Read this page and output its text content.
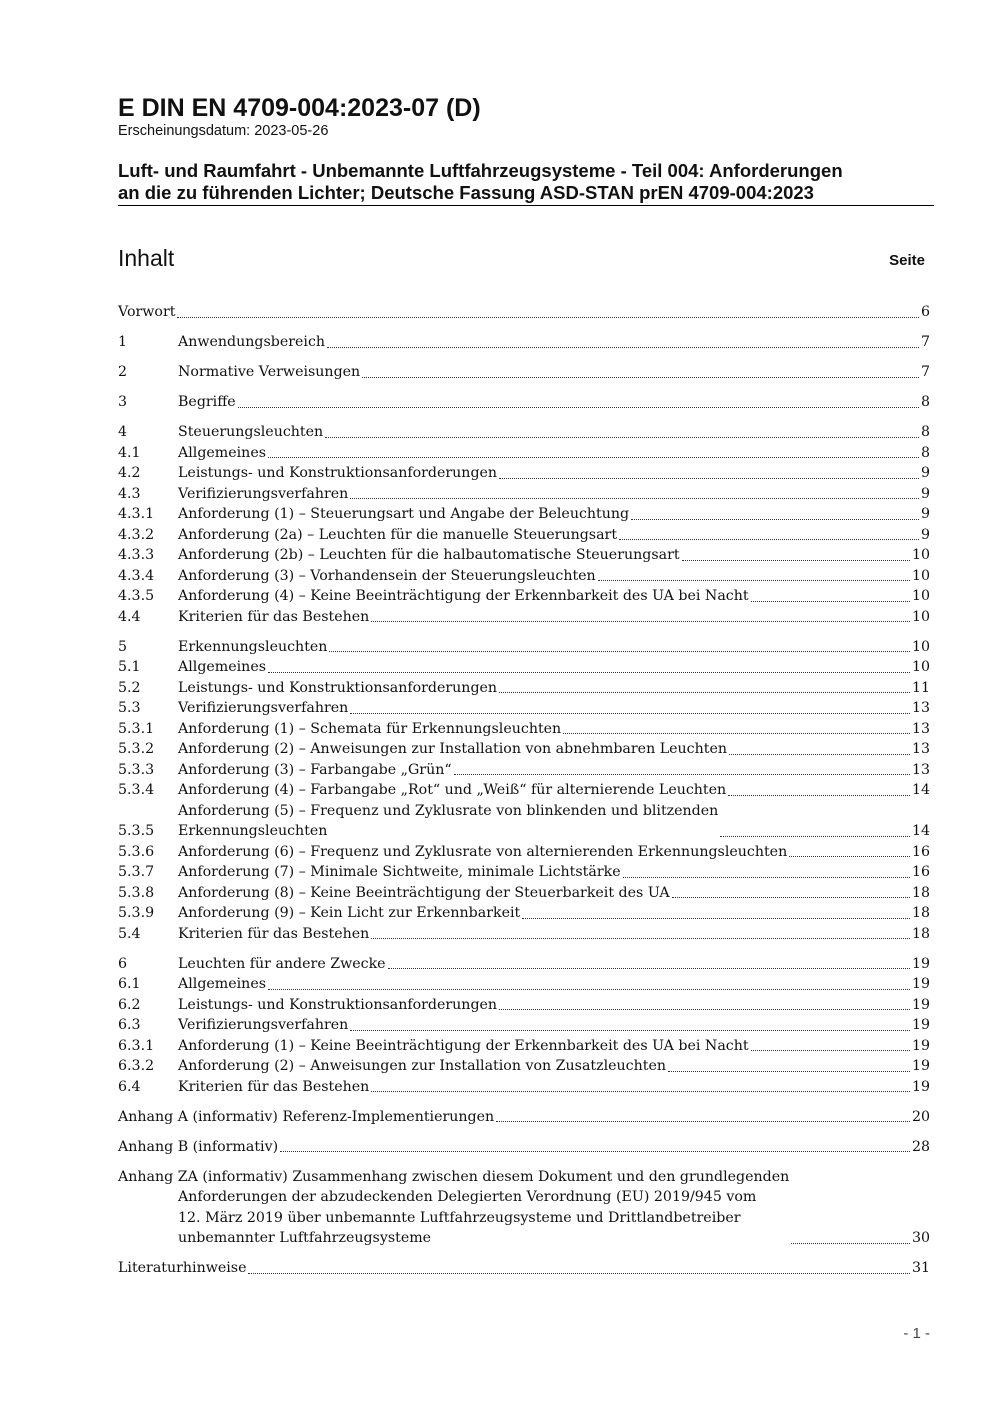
E DIN EN 4709-004:2023-07 (D)
Erscheinungsdatum: 2023-05-26
Luft- und Raumfahrt - Unbemannte Luftfahrzeugsysteme - Teil 004: Anforderungen
an die zu führenden Lichter; Deutsche Fassung ASD-STAN prEN 4709-004:2023
Inhalt	Seite
Vorwort	6
1	Anwendungsbereich	7
2	Normative Verweisungen	7
3	Begriffe	8
4	Steuerungsleuchten	8
4.1	Allgemeines	8
4.2	Leistungs- und Konstruktionsanforderungen	9
4.3	Verifizierungsverfahren	9
4.3.1	Anforderung (1) – Steuerungsart und Angabe der Beleuchtung	9
4.3.2	Anforderung (2a) – Leuchten für die manuelle Steuerungsart	9
4.3.3	Anforderung (2b) – Leuchten für die halbautomatische Steuerungsart	10
4.3.4	Anforderung (3) – Vorhandensein der Steuerungsleuchten	10
4.3.5	Anforderung (4) – Keine Beeinträchtigung der Erkennbarkeit des UA bei Nacht	10
4.4	Kriterien für das Bestehen	10
5	Erkennungsleuchten	10
5.1	Allgemeines	10
5.2	Leistungs- und Konstruktionsanforderungen	11
5.3	Verifizierungsverfahren	13
5.3.1	Anforderung (1) – Schemata für Erkennungsleuchten	13
5.3.2	Anforderung (2) – Anweisungen zur Installation von abnehmbaren Leuchten	13
5.3.3	Anforderung (3) – Farbangabe „Grün“	13
5.3.4	Anforderung (4) – Farbangabe „Rot“ und „Weiß“ für alternierende Leuchten	14
5.3.5
Anforderung (5) – Frequenz und Zyklusrate von blinkenden und blitzenden
Erkennungsleuchten	14
5.3.6	Anforderung (6) – Frequenz und Zyklusrate von alternierenden Erkennungsleuchten	16
5.3.7	Anforderung (7) – Minimale Sichtweite, minimale Lichtstärke	16
5.3.8	Anforderung (8) – Keine Beeinträchtigung der Steuerbarkeit des UA	18
5.3.9	Anforderung (9) – Kein Licht zur Erkennbarkeit	18
5.4	Kriterien für das Bestehen	18
6	Leuchten für andere Zwecke	19
6.1	Allgemeines	19
6.2	Leistungs- und Konstruktionsanforderungen	19
6.3	Verifizierungsverfahren	19
6.3.1	Anforderung (1) – Keine Beeinträchtigung der Erkennbarkeit des UA bei Nacht	19
6.3.2	Anforderung (2) – Anweisungen zur Installation von Zusatzleuchten	19
6.4	Kriterien für das Bestehen	19
Anhang A (informativ) Referenz-Implementierungen	20
Anhang B (informativ)	28
Anhang ZA (informativ) Zusammenhang zwischen diesem Dokument und den grundlegenden
Anforderungen der abzudeckenden Delegierten Verordnung (EU) 2019/945 vom
12. März 2019 über unbemannte Luftfahrzeugsysteme und Drittlandbetreiber
unbemannter Luftfahrzeugsysteme	30
Literaturhinweise	31
- 1 -
